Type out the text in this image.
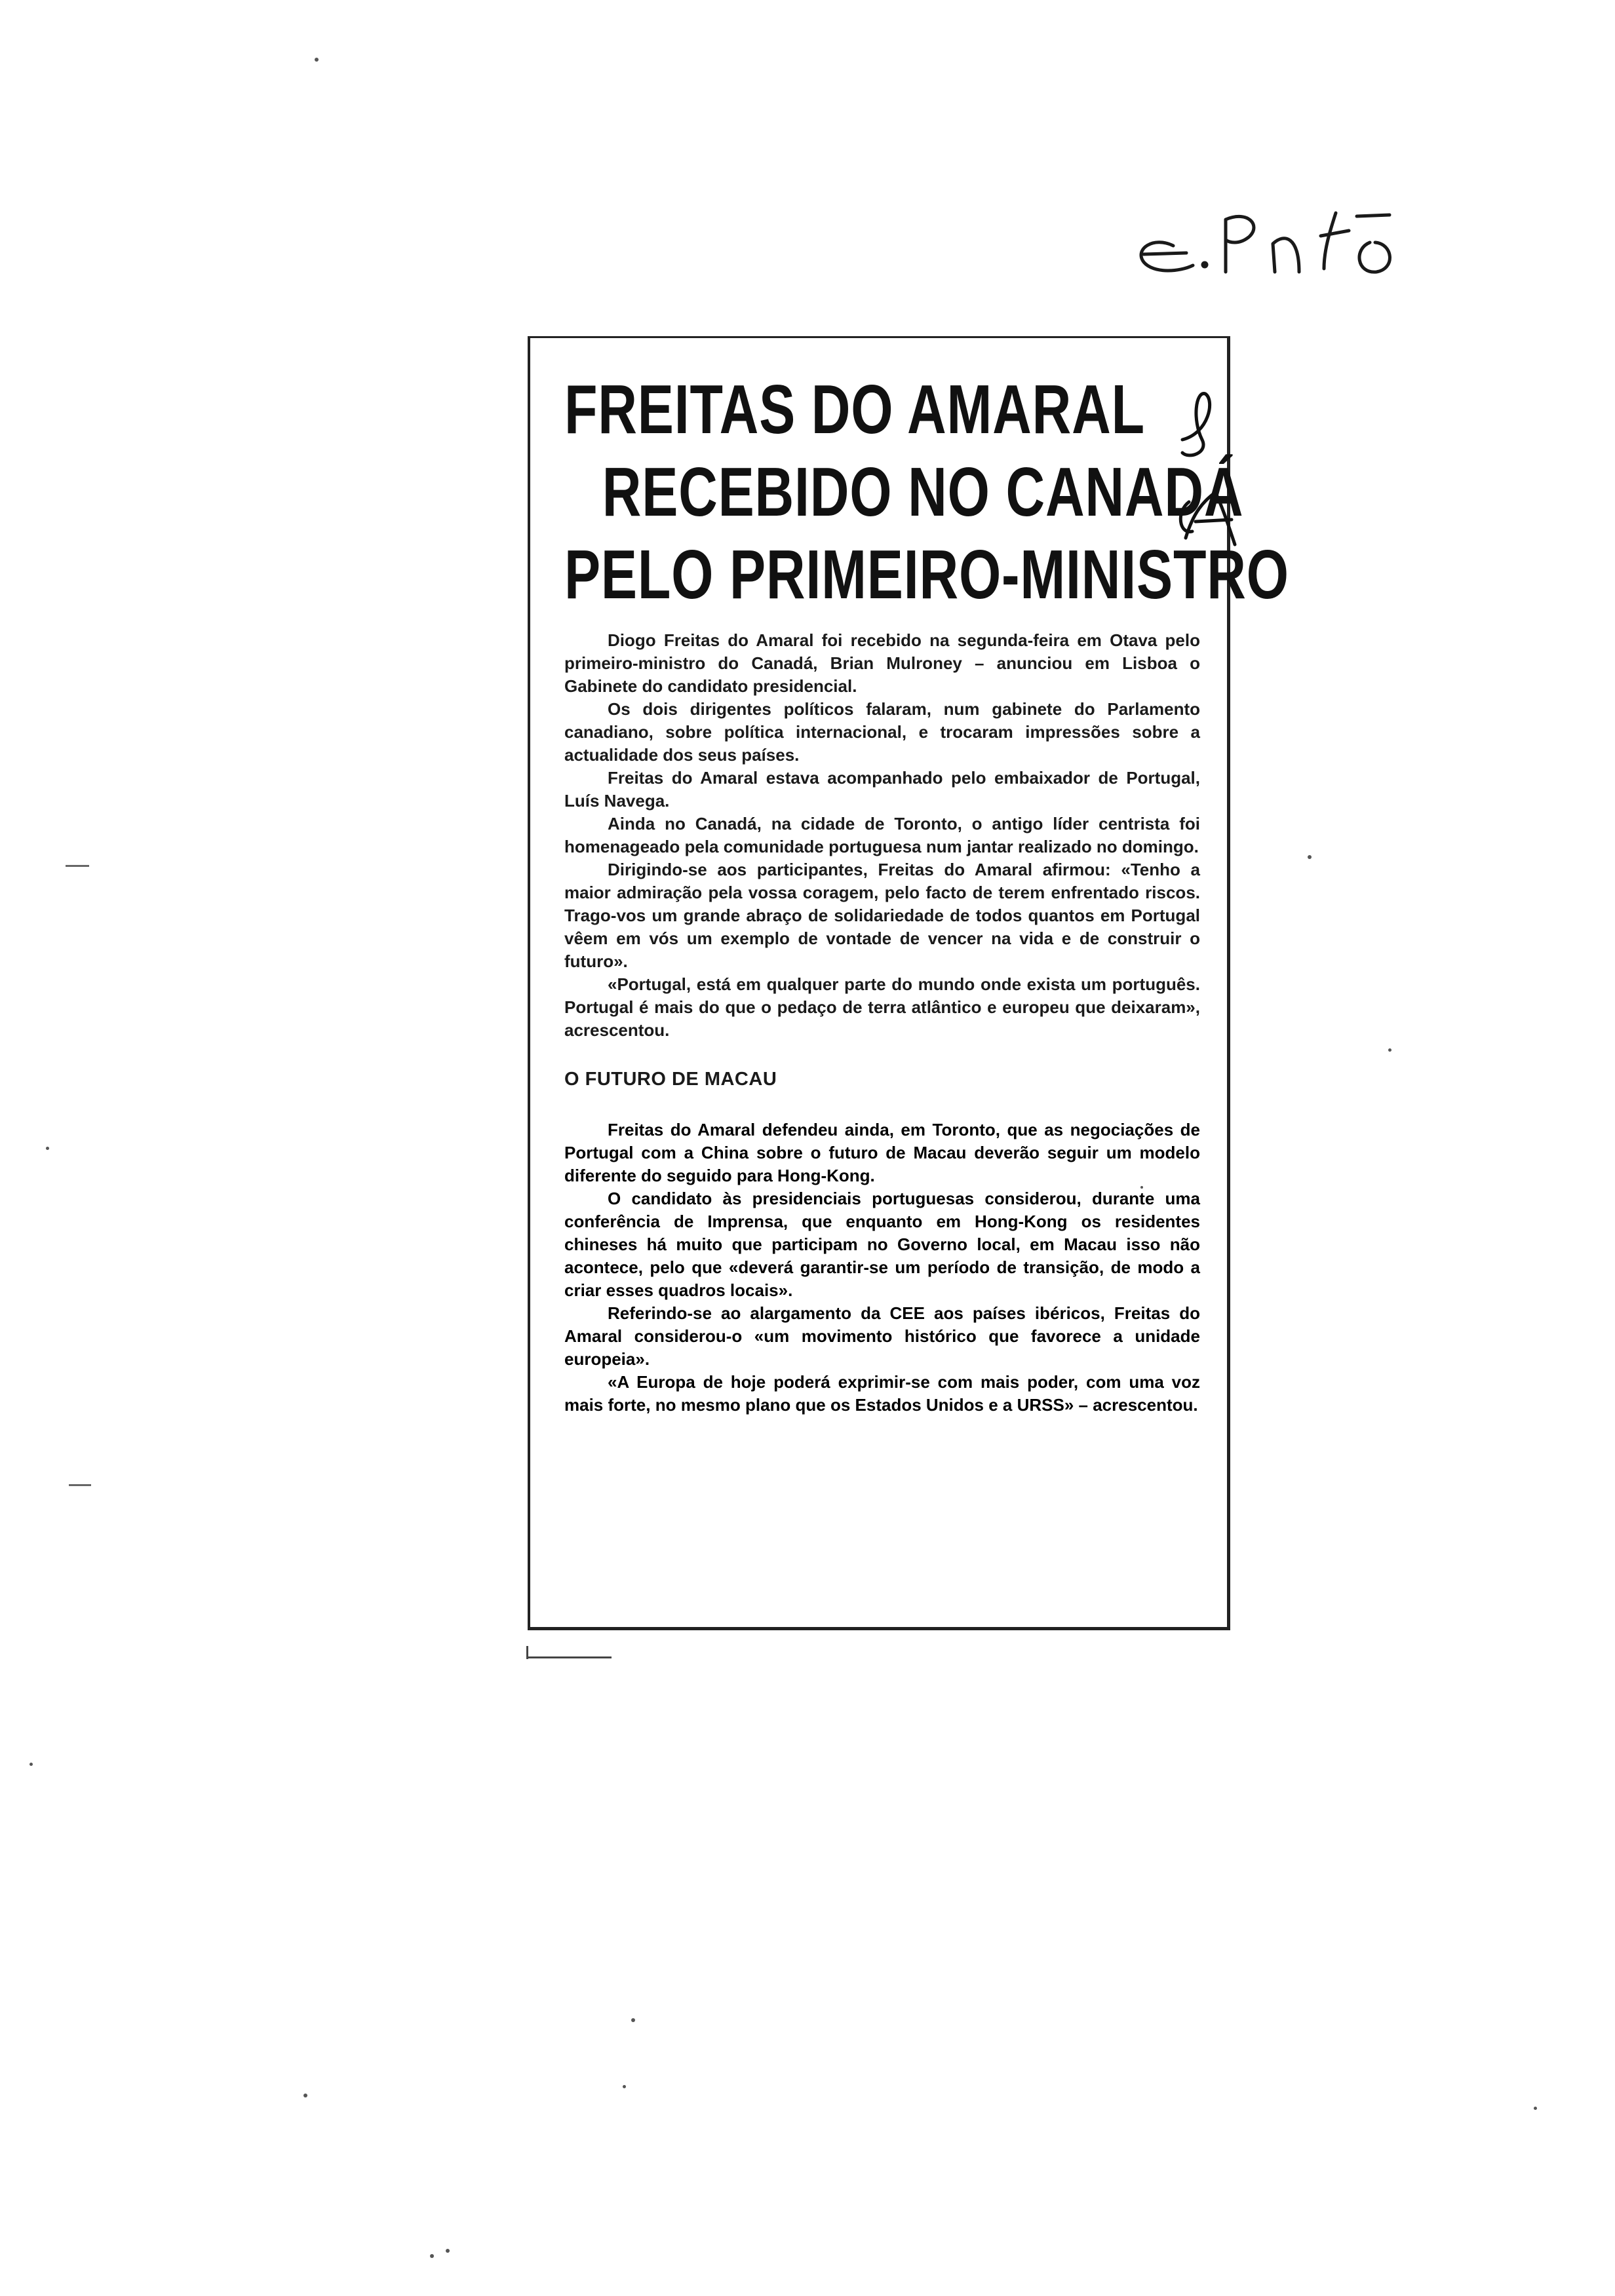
FREITAS DO AMARAL
RECEBIDO NO CANADÁ
PELO PRIMEIRO-MINISTRO

Diogo Freitas do Amaral foi recebido na segunda-feira em Otava pelo primeiro-ministro do Canadá, Brian Mulroney – anunciou em Lisboa o Gabinete do candidato presidencial.

Os dois dirigentes políticos falaram, num gabinete do Parlamento canadiano, sobre política internacional, e trocaram impressões sobre a actualidade dos seus países.

Freitas do Amaral estava acompanhado pelo embaixador de Portugal, Luís Navega.

Ainda no Canadá, na cidade de Toronto, o antigo líder centrista foi homenageado pela comunidade portuguesa num jantar realizado no domingo.

Dirigindo-se aos participantes, Freitas do Amaral afirmou: «Tenho a maior admiração pela vossa coragem, pelo facto de terem enfrentado riscos. Trago-vos um grande abraço de solidariedade de todos quantos em Portugal vêem em vós um exemplo de vontade de vencer na vida e de construir o futuro».

«Portugal, está em qualquer parte do mundo onde exista um português. Portugal é mais do que o pedaço de terra atlântico e europeu que deixaram», acrescentou.

O FUTURO DE MACAU

Freitas do Amaral defendeu ainda, em Toronto, que as negociações de Portugal com a China sobre o futuro de Macau deverão seguir um modelo diferente do seguido para Hong-Kong.

O candidato às presidenciais portuguesas considerou, durante uma conferência de Imprensa, que enquanto em Hong-Kong os residentes chineses há muito que participam no Governo local, em Macau isso não acontece, pelo que «deverá garantir-se um período de transição, de modo a criar esses quadros locais».

Referindo-se ao alargamento da CEE aos países ibéricos, Freitas do Amaral considerou-o «um movimento histórico que favorece a unidade europeia».

«A Europa de hoje poderá exprimir-se com mais poder, com uma voz mais forte, no mesmo plano que os Estados Unidos e a URSS» – acrescentou.
